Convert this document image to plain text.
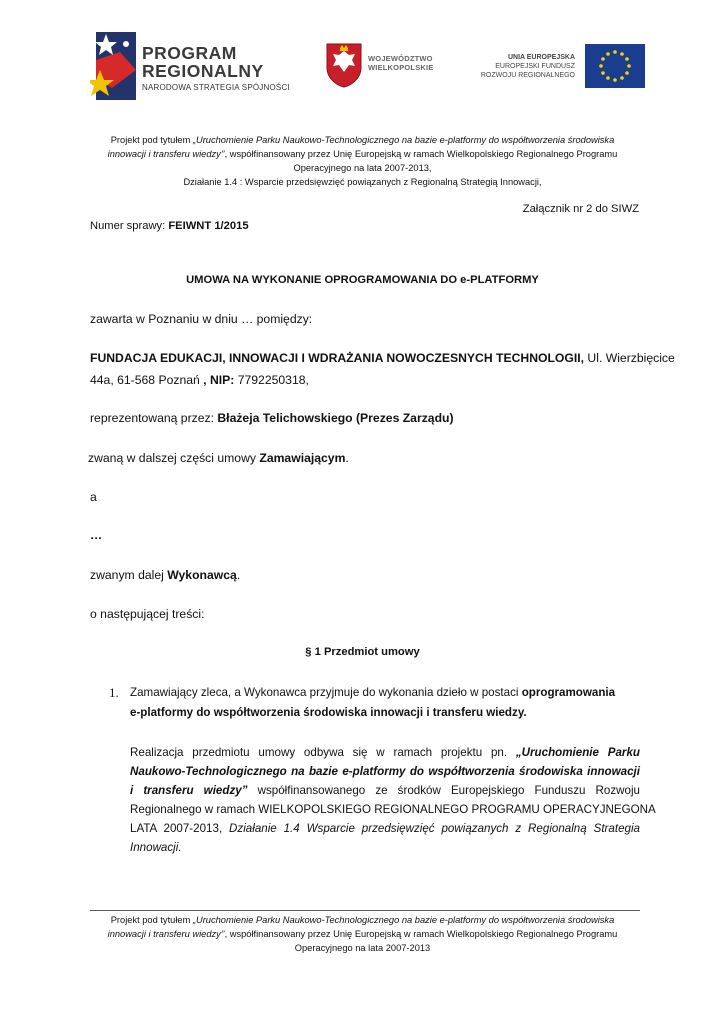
PROGRAM
REGIONALNY
NARODOWA STRATEGIA SPÓJNOŚCI
WOJEWÓDZTWO
WIELKOPOLSKIE
UNIA EUROPEJSKA
EUROPEJSKI FUNDUSZ
ROZWOJU REGIONALNEGO

Projekt pod tytułem „Uruchomienie Parku Naukowo-Technologicznego na bazie e-platformy do współtworzenia środowiska

innowacji i transferu wiedzy’’, współfinansowany przez Unię Europejską w ramach Wielkopolskiego Regionalnego Programu

Operacyjnego na lata 2007-2013,

Działanie 1.4 : Wsparcie przedsięwzięć powiązanych z Regionalną Strategią Innowacji,

Załącznik nr 2 do SIWZ
Numer sprawy: FEIWNT 1/2015
UMOWA NA WYKONANIE OPROGRAMOWANIA DO e-PLATFORMY
zawarta w Poznaniu w dniu … pomiędzy:
FUNDACJA EDUKACJI, INNOWACJI I WDRAŻANIA NOWOCZESNYCH TECHNOLOGII, Ul. Wierzbięcice
44a, 61-568 Poznań , NIP: 7792250318,
reprezentowaną przez: Błażeja Telichowskiego (Prezes Zarządu)
zwaną w dalszej części umowy Zamawiającym.
a
…
zwanym dalej Wykonawcą.
o następującej treści:
§ 1 Przedmiot umowy
1. Zamawiający zleca, a Wykonawca przyjmuje do wykonania dzieło w postaci oprogramowania
e-platformy do współtworzenia środowiska innowacji i transferu wiedzy.

Realizacja przedmiotu umowy odbywa się w ramach projektu pn. „Uruchomienie Parku

Naukowo-Technologicznego na bazie e-platformy do współtworzenia środowiska innowacji

i transferu wiedzy” współfinansowanego ze środków Europejskiego Funduszu Rozwoju

Regionalnego w ramach WIELKOPOLSKIEGO REGIONALNEGO PROGRAMU OPERACYJNEGONA

LATA 2007-2013, Działanie 1.4 Wsparcie przedsięwzięć powiązanych z Regionalną Strategia

Innowacji.

Projekt pod tytułem „Uruchomienie Parku Naukowo-Technologicznego na bazie e-platformy do współtworzenia środowiska

innowacji i transferu wiedzy’’, współfinansowany przez Unię Europejską w ramach Wielkopolskiego Regionalnego Programu

Operacyjnego na lata 2007-2013
